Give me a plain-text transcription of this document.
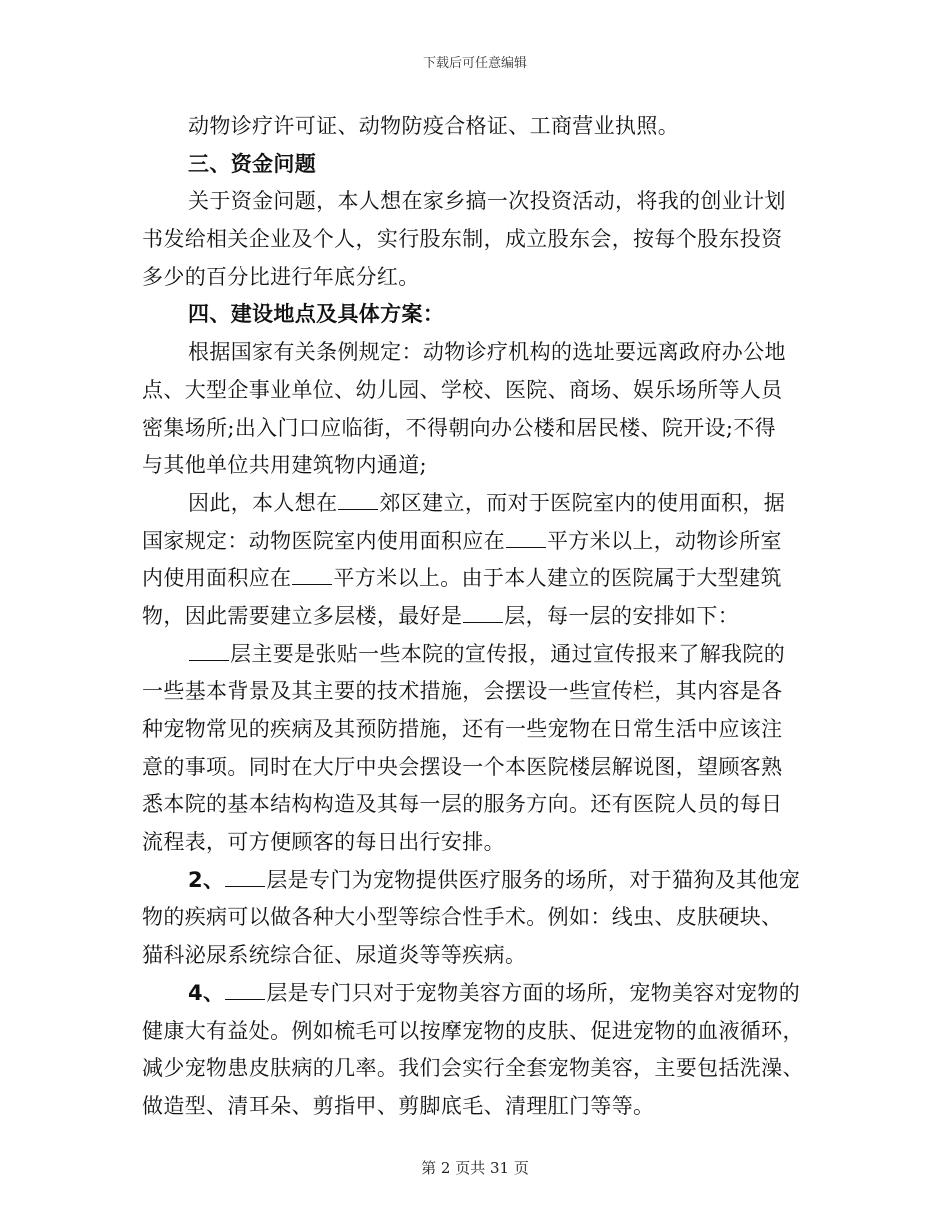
下载后可任意编辑
动物诊疗许可证、动物防疫合格证、工商营业执照。
三、资金问题
关于资金问题，本人想在家乡搞一次投资活动，将我的创业计划
书发给相关企业及个人，实行股东制，成立股东会，按每个股东投资
多少的百分比进行年底分红。
四、建设地点及具体方案：
根据国家有关条例规定：动物诊疗机构的选址要远离政府办公地
点、大型企事业单位、幼儿园、学校、医院、商场、娱乐场所等人员
密集场所;出入门口应临街，不得朝向办公楼和居民楼、院开设;不得
与其他单位共用建筑物内通道;
因此，本人想在 郊区建立，而对于医院室内的使用面积，据
国家规定：动物医院室内使用面积应在 平方米以上，动物诊所室
内使用面积应在 平方米以上。由于本人建立的医院属于大型建筑
物，因此需要建立多层楼，最好是 层，每一层的安排如下：
层主要是张贴一些本院的宣传报，通过宣传报来了解我院的
一些基本背景及其主要的技术措施，会摆设一些宣传栏，其内容是各
种宠物常见的疾病及其预防措施，还有一些宠物在日常生活中应该注
意的事项。同时在大厅中央会摆设一个本医院楼层解说图，望顾客熟
悉本院的基本结构构造及其每一层的服务方向。还有医院人员的每日
流程表，可方便顾客的每日出行安排。
2、 层是专门为宠物提供医疗服务的场所，对于猫狗及其他宠
物的疾病可以做各种大小型等综合性手术。例如：线虫、皮肤硬块、
猫科泌尿系统综合征、尿道炎等等疾病。
4、 层是专门只对于宠物美容方面的场所，宠物美容对宠物的
健康大有益处。例如梳毛可以按摩宠物的皮肤、促进宠物的血液循环，
减少宠物患皮肤病的几率。我们会实行全套宠物美容，主要包括洗澡、
做造型、清耳朵、剪指甲、剪脚底毛、清理肛门等等。
第 2 页共 31 页
